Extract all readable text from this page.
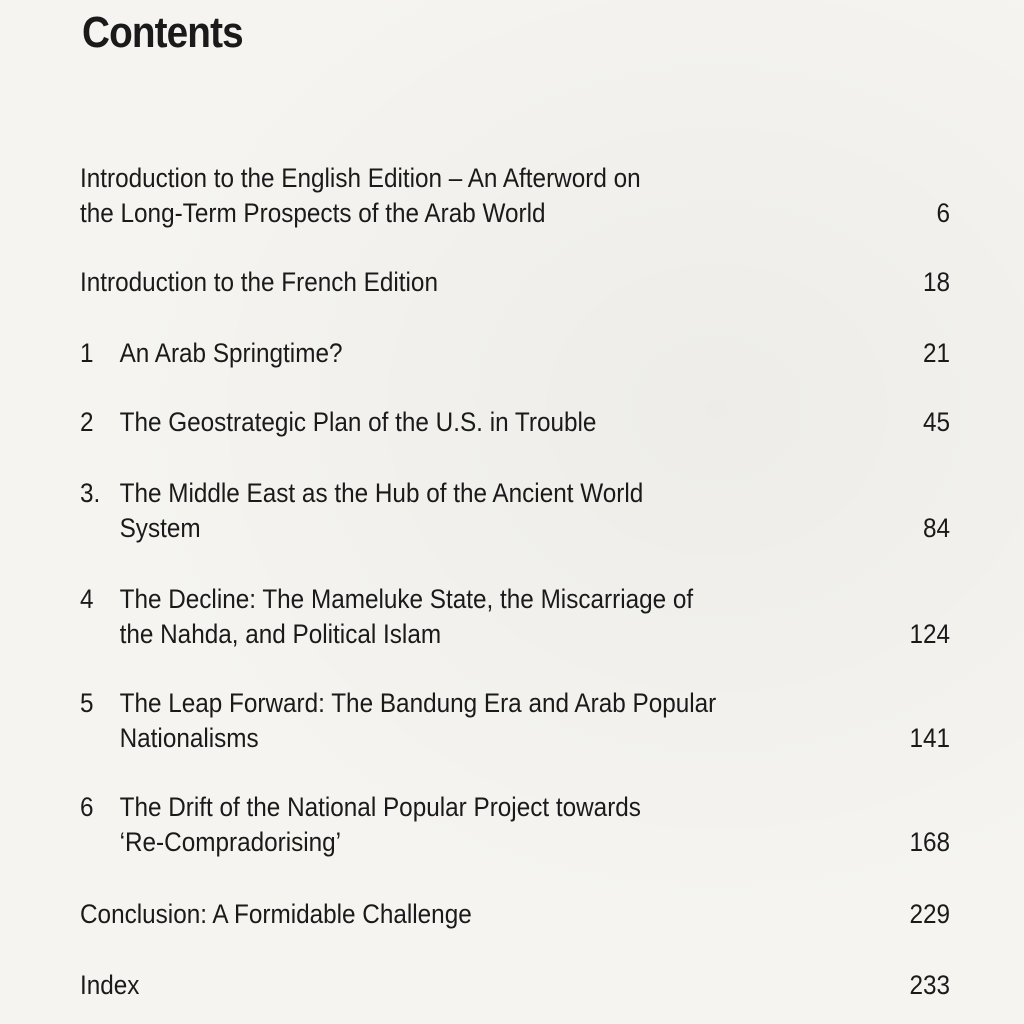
Contents
Introduction to the English Edition – An Afterword on
the Long-Term Prospects of the Arab World	6
Introduction to the French Edition	18
1 An Arab Springtime?	21
2 The Geostrategic Plan of the U.S. in Trouble	45
3. The Middle East as the Hub of the Ancient World
System	84
4 The Decline: The Mameluke State, the Miscarriage of
the Nahda, and Political Islam	124
5 The Leap Forward: The Bandung Era and Arab Popular
Nationalisms	141
6 The Drift of the National Popular Project towards
‘Re-Compradorising’	168
Conclusion: A Formidable Challenge	229
Index	233
